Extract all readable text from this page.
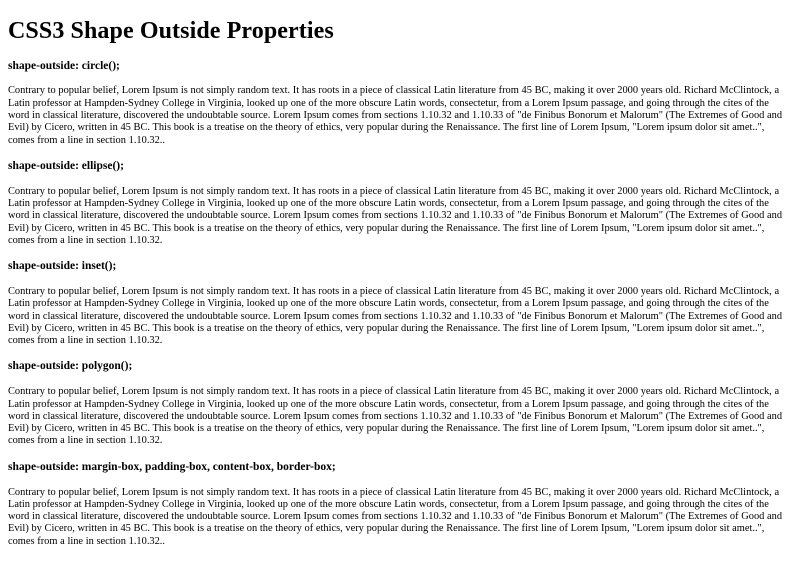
CSS3 Shape Outside Properties
shape-outside: circle();

Contrary to popular belief, Lorem Ipsum is not simply random text. It has roots in a piece of classical Latin literature from 45 BC, making it over 2000 years old. Richard McClintock, a Latin professor at Hampden-Sydney College in Virginia, looked up one of the more obscure Latin words, consectetur, from a Lorem Ipsum passage, and going through the cites of the word in classical literature, discovered the undoubtable source. Lorem Ipsum comes from sections 1.10.32 and 1.10.33 of "de Finibus Bonorum et Malorum" (The Extremes of Good and Evil) by Cicero, written in 45 BC. This book is a treatise on the theory of ethics, very popular during the Renaissance. The first line of Lorem Ipsum, "Lorem ipsum dolor sit amet..", comes from a line in section 1.10.32..

shape-outside: ellipse();

Contrary to popular belief, Lorem Ipsum is not simply random text. It has roots in a piece of classical Latin literature from 45 BC, making it over 2000 years old. Richard McClintock, a Latin professor at Hampden-Sydney College in Virginia, looked up one of the more obscure Latin words, consectetur, from a Lorem Ipsum passage, and going through the cites of the word in classical literature, discovered the undoubtable source. Lorem Ipsum comes from sections 1.10.32 and 1.10.33 of "de Finibus Bonorum et Malorum" (The Extremes of Good and Evil) by Cicero, written in 45 BC. This book is a treatise on the theory of ethics, very popular during the Renaissance. The first line of Lorem Ipsum, "Lorem ipsum dolor sit amet..", comes from a line in section 1.10.32.

shape-outside: inset();

Contrary to popular belief, Lorem Ipsum is not simply random text. It has roots in a piece of classical Latin literature from 45 BC, making it over 2000 years old. Richard McClintock, a Latin professor at Hampden-Sydney College in Virginia, looked up one of the more obscure Latin words, consectetur, from a Lorem Ipsum passage, and going through the cites of the word in classical literature, discovered the undoubtable source. Lorem Ipsum comes from sections 1.10.32 and 1.10.33 of "de Finibus Bonorum et Malorum" (The Extremes of Good and Evil) by Cicero, written in 45 BC. This book is a treatise on the theory of ethics, very popular during the Renaissance. The first line of Lorem Ipsum, "Lorem ipsum dolor sit amet..", comes from a line in section 1.10.32.

shape-outside: polygon();

Contrary to popular belief, Lorem Ipsum is not simply random text. It has roots in a piece of classical Latin literature from 45 BC, making it over 2000 years old. Richard McClintock, a Latin professor at Hampden-Sydney College in Virginia, looked up one of the more obscure Latin words, consectetur, from a Lorem Ipsum passage, and going through the cites of the word in classical literature, discovered the undoubtable source. Lorem Ipsum comes from sections 1.10.32 and 1.10.33 of "de Finibus Bonorum et Malorum" (The Extremes of Good and Evil) by Cicero, written in 45 BC. This book is a treatise on the theory of ethics, very popular during the Renaissance. The first line of Lorem Ipsum, "Lorem ipsum dolor sit amet..", comes from a line in section 1.10.32.

shape-outside: margin-box, padding-box, content-box, border-box;

Contrary to popular belief, Lorem Ipsum is not simply random text. It has roots in a piece of classical Latin literature from 45 BC, making it over 2000 years old. Richard McClintock, a Latin professor at Hampden-Sydney College in Virginia, looked up one of the more obscure Latin words, consectetur, from a Lorem Ipsum passage, and going through the cites of the word in classical literature, discovered the undoubtable source. Lorem Ipsum comes from sections 1.10.32 and 1.10.33 of "de Finibus Bonorum et Malorum" (The Extremes of Good and Evil) by Cicero, written in 45 BC. This book is a treatise on the theory of ethics, very popular during the Renaissance. The first line of Lorem Ipsum, "Lorem ipsum dolor sit amet..", comes from a line in section 1.10.32..
